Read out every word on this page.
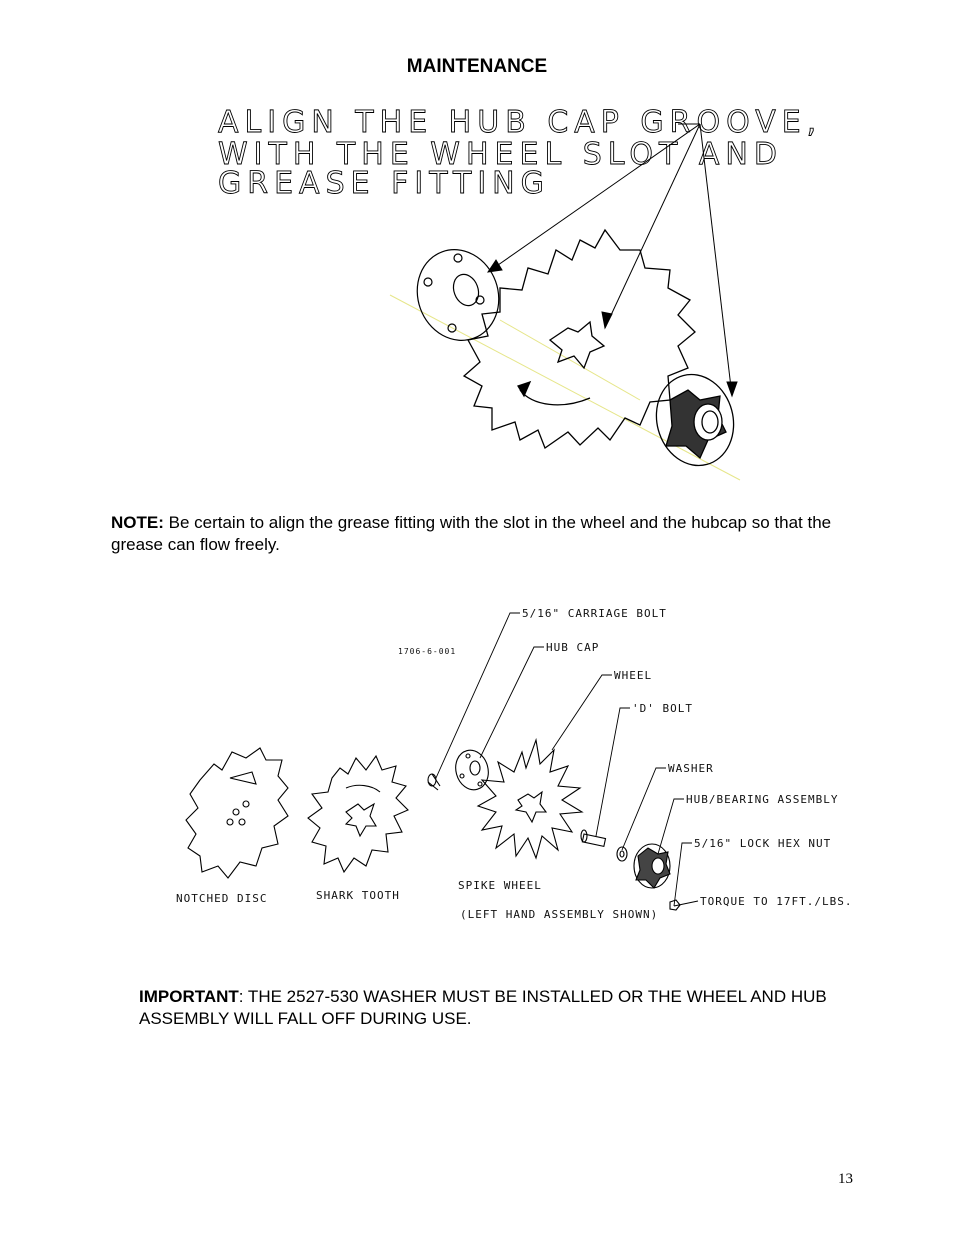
MAINTENANCE
ALIGN THE HUB CAP GROOVE,
WITH THE WHEEL SLOT AND
GREASE FITTING
NOTE: Be certain to align the grease fitting with the slot in the wheel and the hubcap so that the grease can flow freely.
1706-6-001
5/16" CARRIAGE BOLT
HUB CAP
WHEEL
'D' BOLT
WASHER
HUB/BEARING ASSEMBLY
5/16" LOCK HEX NUT
TORQUE TO 17FT./LBS.
NOTCHED DISC	SHARK TOOTH
SPIKE WHEEL
(LEFT HAND ASSEMBLY SHOWN)
IMPORTANT: THE 2527-530 WASHER MUST BE INSTALLED OR THE WHEEL AND HUB ASSEMBLY WILL FALL OFF DURING USE.
13
